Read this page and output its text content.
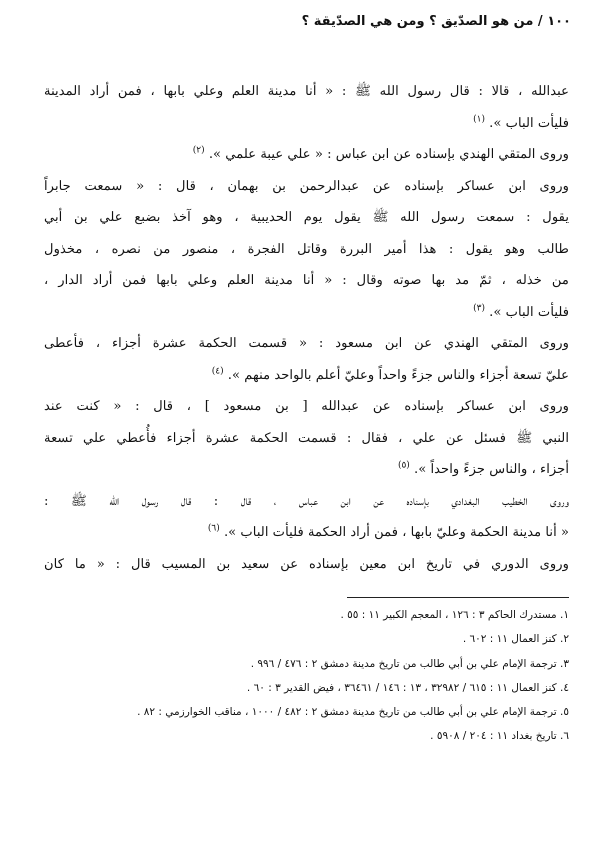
١٠٠ / من هو الصدّيق ؟ ومن هي الصدّيقة ؟
عبدالله ، قالا : قال رسول الله ﷺ : « أنا مدينة العلم وعلي بابها ، فمن أراد المدينة
فليأت الباب ». $^{(١)}$
وروى المتقي الهندي بإسناده عن ابن عباس : « علي عيبة علمي ». $^{(٢)}$
وروى ابن عساكر بإسناده عن عبدالرحمن بن بهمان ، قال : « سمعت جابراً
يقول : سمعت رسول الله ﷺ يقول يوم الحديبية ، وهو آخذ بضبع علي بن أبي
طالب وهو يقول : هذا أمير البررة وقاتل الفجرة ، منصور من نصره ، مخذول
من خذله ، ثمّ مد بها صوته وقال : « أنا مدينة العلم وعلي بابها فمن أراد الدار ،
فليأت الباب ». $^{(٣)}$
وروى المتقي الهندي عن ابن مسعود : « قسمت الحكمة عشرة أجزاء ، فأعطى
عليّ تسعة أجزاء والناس جزءً واحداً وعليّ أعلم بالواحد منهم ». $^{(٤)}$
وروى ابن عساكر بإسناده عن عبدالله [ بن مسعود ] ، قال : « كنت عند
النبي ﷺ فسئل عن علي ، فقال : قسمت الحكمة عشرة أجزاء فأُعطي علي تسعة
أجزاء ، والناس جزءً واحداً ». $^{(٥)}$
وروى الخطيب البغدادي بإسناده عن ابن عباس ، قال : قال رسول الله ﷺ :
« أنا مدينة الحكمة وعليّ بابها ، فمن أراد الحكمة فليأت الباب ». $^{(٦)}$
وروى الدوري في تاريخ ابن معين بإسناده عن سعيد بن المسيب قال : « ما كان
١. مستدرك الحاكم ٣ : ١٢٦ ، المعجم الكبير ١١ : ٥٥ .
٢. كنز العمال ١١ : ٦٠٢ .
٣. ترجمة الإمام علي بن أبي طالب من تاريخ مدينة دمشق ٢ : ٤٧٦ / ٩٩٦ .
٤. كنز العمال ١١ : ٦١٥ / ٣٢٩٨٢ ، ١٣ : ١٤٦ / ٣٦٤٦١ ، فيض القدير ٣ : ٦٠ .
٥. ترجمة الإمام علي بن أبي طالب من تاريخ مدينة دمشق ٢ : ٤٨٢ / ١٠٠٠ ، مناقب الخوارزمي : ٨٢ .
٦. تاريخ بغداد ١١ : ٢٠٤ / ٥٩٠٨ .
